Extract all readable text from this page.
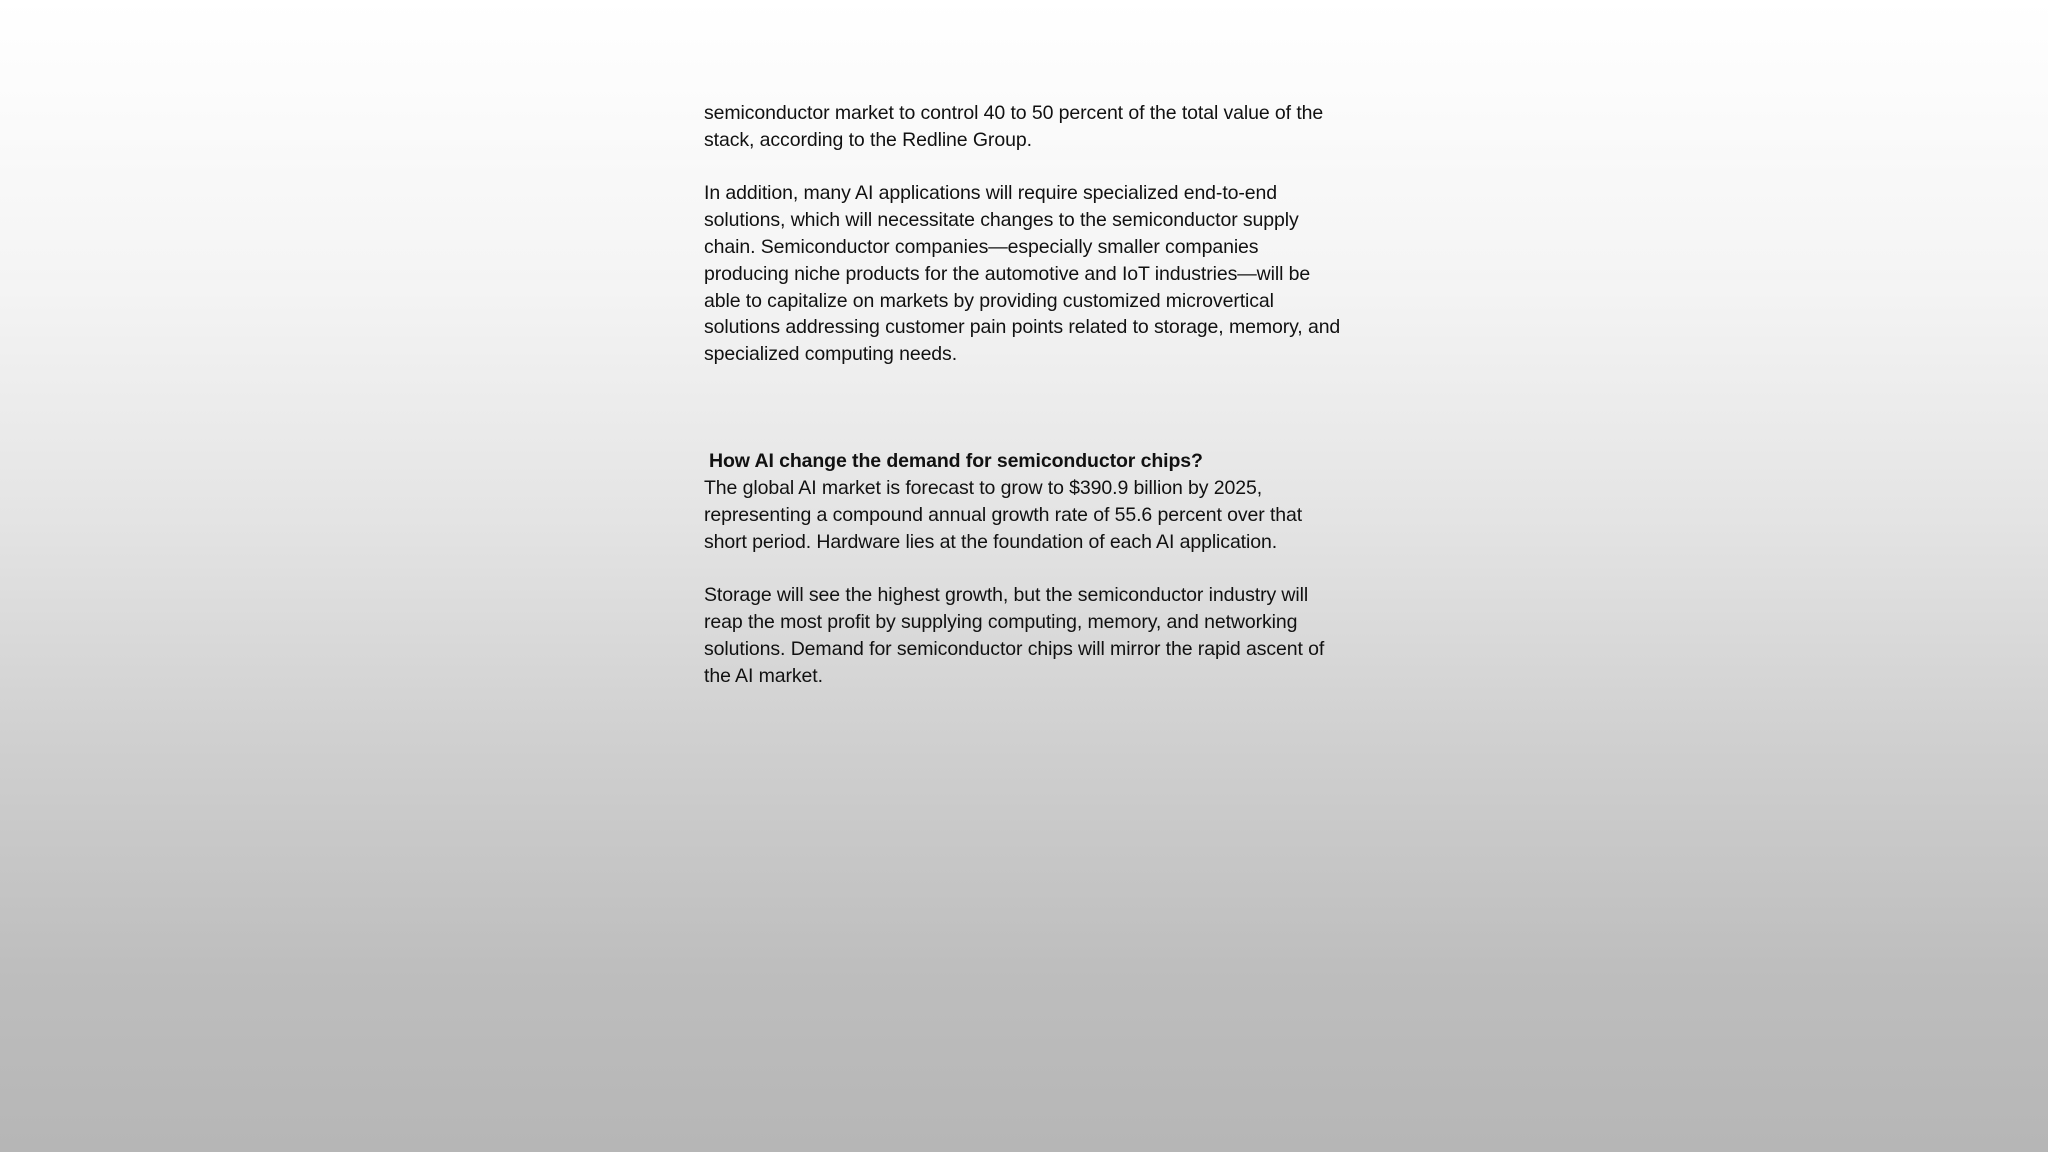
semiconductor market to control 40 to 50 percent of the total value of the stack, according to the Redline Group.

In addition, many AI applications will require specialized end-to-end solutions, which will necessitate changes to the semiconductor supply chain. Semiconductor companies—especially smaller companies producing niche products for the automotive and IoT industries—will be able to capitalize on markets by providing customized microvertical solutions addressing customer pain points related to storage, memory, and specialized computing needs.

How AI change the demand for semiconductor chips?

The global AI market is forecast to grow to $390.9 billion by 2025, representing a compound annual growth rate of 55.6 percent over that short period. Hardware lies at the foundation of each AI application.

Storage will see the highest growth, but the semiconductor industry will reap the most profit by supplying computing, memory, and networking solutions. Demand for semiconductor chips will mirror the rapid ascent of the AI market.
